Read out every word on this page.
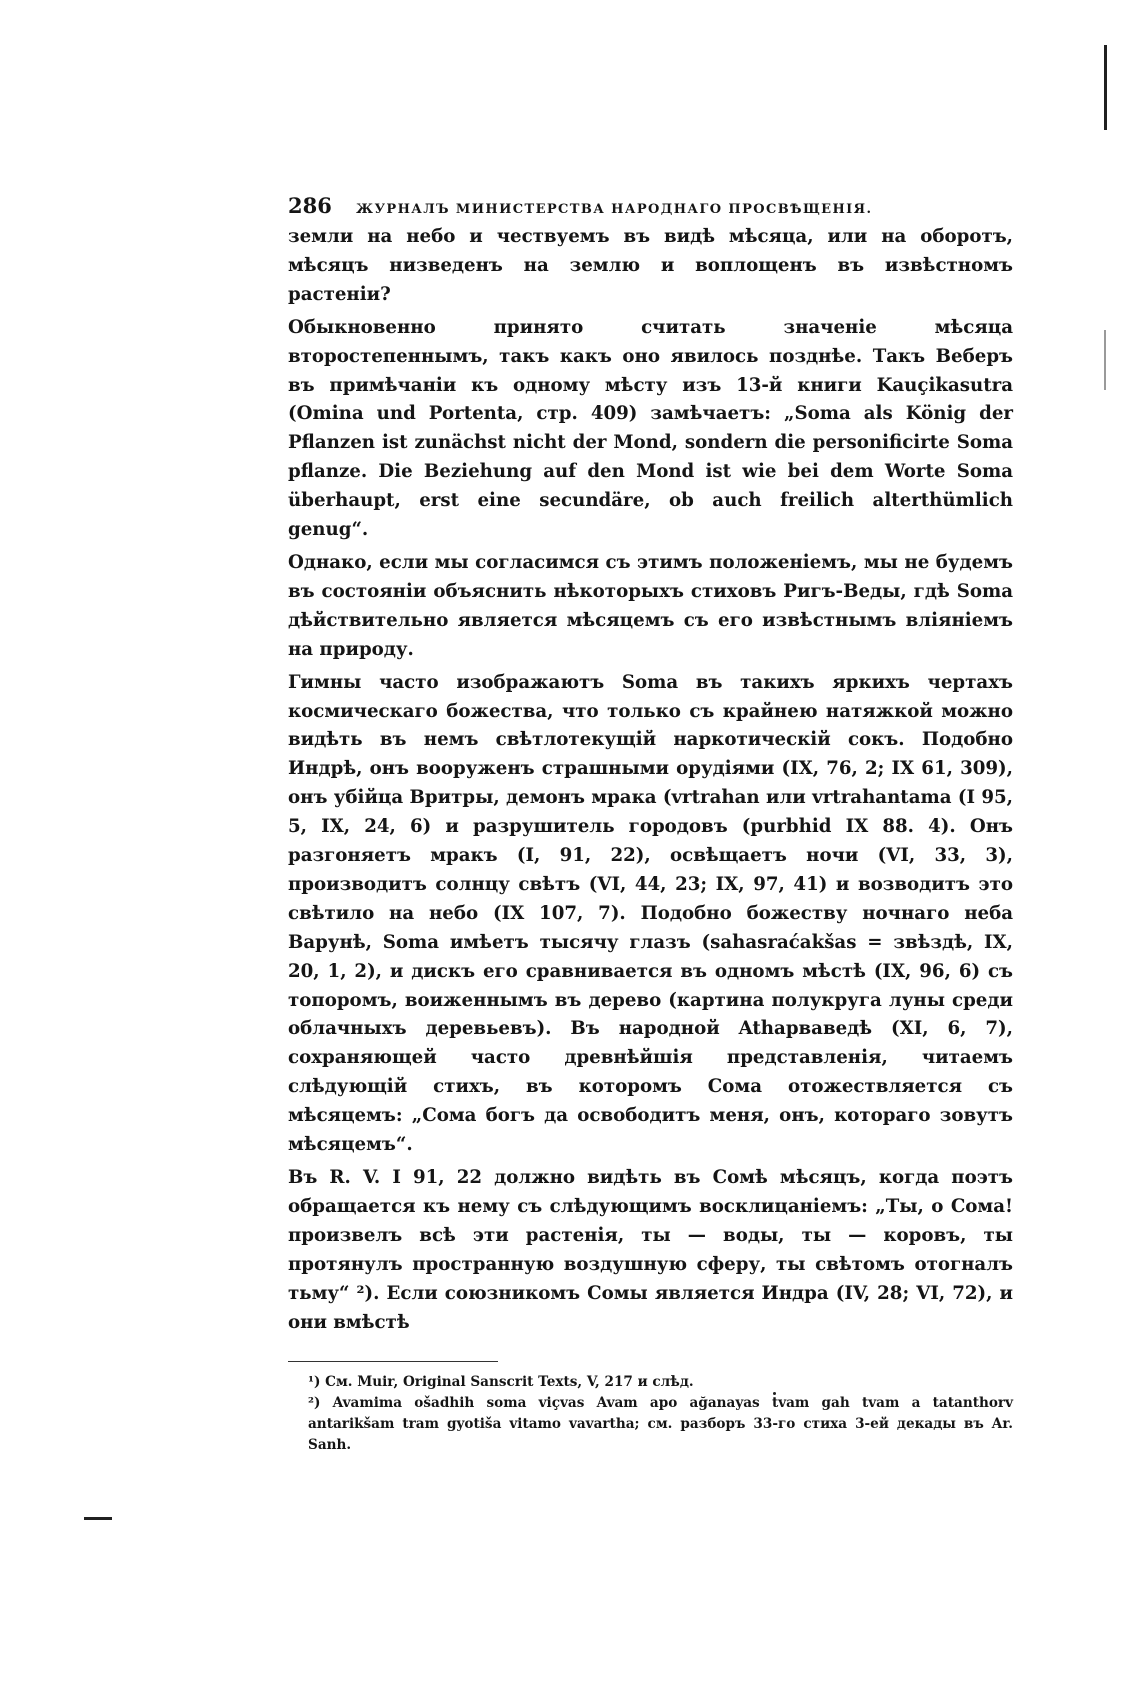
286	ЖУРНАЛЪ МИНИСТЕРСТВА НАРОДНАГО ПРОСВѢЩЕНІЯ.

земли на небо и чествуемъ въ видѣ мѣсяца, или на оборотъ, мѣсяцъ низведенъ на землю и воплощенъ въ извѣстномъ растеніи?

Обыкновенно принято считать значеніе мѣсяца второстепеннымъ, такъ какъ оно явилось позднѣе. Такъ Веберъ въ примѣчаніи къ одному мѣсту изъ 13-й книги Kauçikasutra (Omina und Portenta, стр. 409) замѣчаетъ: „Soma als König der Pflanzen ist zunächst nicht der Mond, sondern die personificirte Soma pflanze. Die Beziehung auf den Mond ist wie bei dem Worte Soma überhaupt, erst eine secundäre, ob auch freilich alterthümlich genug“.

Однако, если мы согласимся съ этимъ положеніемъ, мы не будемъ въ состояніи объяснить нѣкоторыхъ стиховъ Ригъ-Веды, гдѣ Soma дѣйствительно является мѣсяцемъ съ его извѣстнымъ вліяніемъ на природу.

Гимны часто изображаютъ Soma въ такихъ яркихъ чертахъ космическаго божества, что только съ крайнею натяжкой можно видѣть въ немъ свѣтлотекущій наркотическій сокъ. Подобно Индрѣ, онъ вооруженъ страшными орудіями (IX, 76, 2; IX 61, 309), онъ убійца Вритры, демонъ мрака (vrtrahan или vrtrahantama (I 95, 5, IX, 24, 6) и разрушитель городовъ (purbhid IX 88. 4). Онъ разгоняетъ мракъ (I, 91, 22), освѣщаетъ ночи (VI, 33, 3), производитъ солнцу свѣтъ (VI, 44, 23; IX, 97, 41) и возводитъ это свѣтило на небо (IX 107, 7). Подобно божеству ночнаго неба Варунѣ, Soma имѣетъ тысячу глазъ (sahasraćakšas = звѣздѣ, IX, 20, 1, 2), и дискъ его сравнивается въ одномъ мѣстѣ (IX, 96, 6) съ топоромъ, воиженнымъ въ дерево (картина полукруга луны среди облачныхъ деревьевъ). Въ народной Athарваведѣ (XI, 6, 7), сохраняющей часто древнѣйшія представленія, читаемъ слѣдующій стихъ, въ которомъ Сома отожествляется съ мѣсяцемъ: „Сома богъ да освободитъ меня, онъ, котораго зовутъ мѣсяцемъ“.

Въ R. V. I 91, 22 должно видѣть въ Сомѣ мѣсяцъ, когда поэтъ обращается къ нему съ слѣдующимъ восклицаніемъ: „Ты, о Сома! произвелъ всѣ эти растенія, ты — воды, ты — коровъ, ты протянулъ пространную воздушную сферу, ты свѣтомъ отогналъ тьму“ ²). Если союзникомъ Сомы является Индра (IV, 28; VI, 72), и они вмѣстѣ

¹) См. Muir, Original Sanscrit Texts, V, 217 и слѣд.

²) Avamima ošadhih soma viçvas Avam apo ağanayas tvam gah tvam a tatanthorv antarikšam tram gyotiša vitamo vavartha; см. разборъ 33-го стиха 3-ей декады въ Ar. Sanh.
